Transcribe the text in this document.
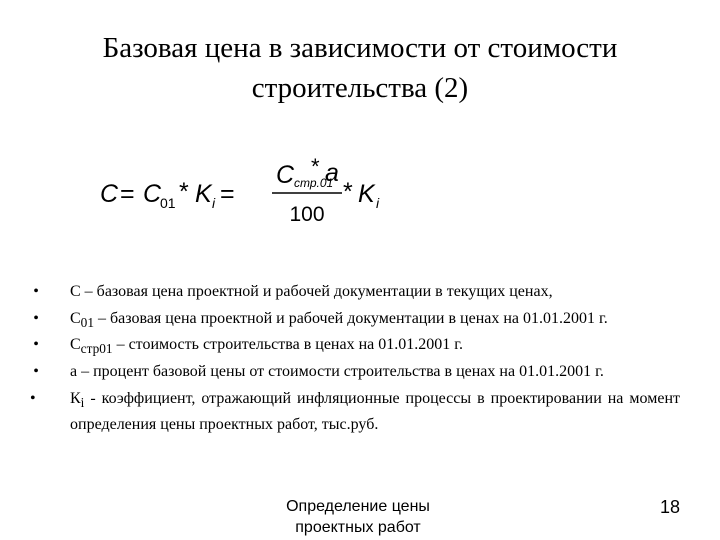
Базовая цена в зависимости от стоимости
строительства (2)
C = C
01 * K i =
C стр.01
* a
100
* K i
• С – базовая цена проектной и рабочей документации в текущих ценах,
• $С_{01}$ – базовая цена проектной и рабочей документации в ценах на 01.01.2001 г.
• $С_{стр01}$ – стоимость строительства в ценах на 01.01.2001 г.
• а – процент базовой цены от стоимости строительства в ценах на 01.01.2001 г.
•	$К_i$ - коэффициент, отражающий инфляционные процессы в проектировании на момент определения цены проектных работ, тыс.руб.
Определение цены
проектных работ
18
